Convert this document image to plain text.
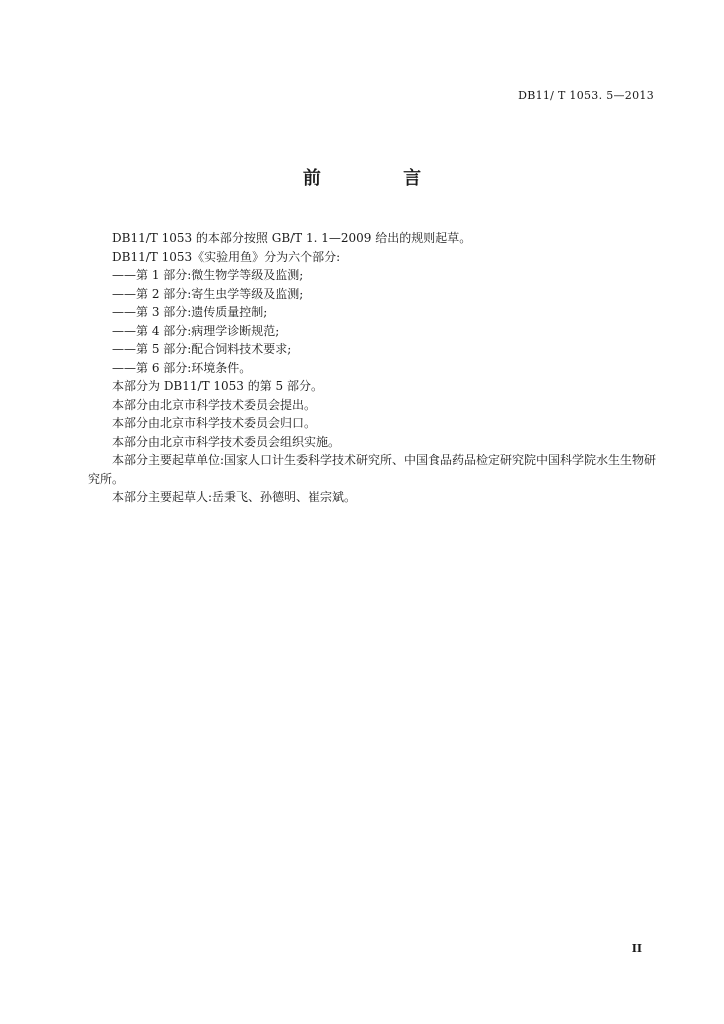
DB11/ T 1053. 5—2013
前 言

DB11/T 1053 的本部分按照 GB/T 1. 1—2009 给出的规则起草。

DB11/T 1053《实验用鱼》分为六个部分:

——第 1 部分:微生物学等级及监测;

——第 2 部分:寄生虫学等级及监测;

——第 3 部分:遗传质量控制;

——第 4 部分:病理学诊断规范;

——第 5 部分:配合饲料技术要求;

——第 6 部分:环境条件。

本部分为 DB11/T 1053 的第 5 部分。

本部分由北京市科学技术委员会提出。

本部分由北京市科学技术委员会归口。

本部分由北京市科学技术委员会组织实施。

本部分主要起草单位:国家人口计生委科学技术研究所、中国食品药品检定研究院中国科学院水生生物研究所。

本部分主要起草人:岳秉飞、孙德明、崔宗斌。

II
